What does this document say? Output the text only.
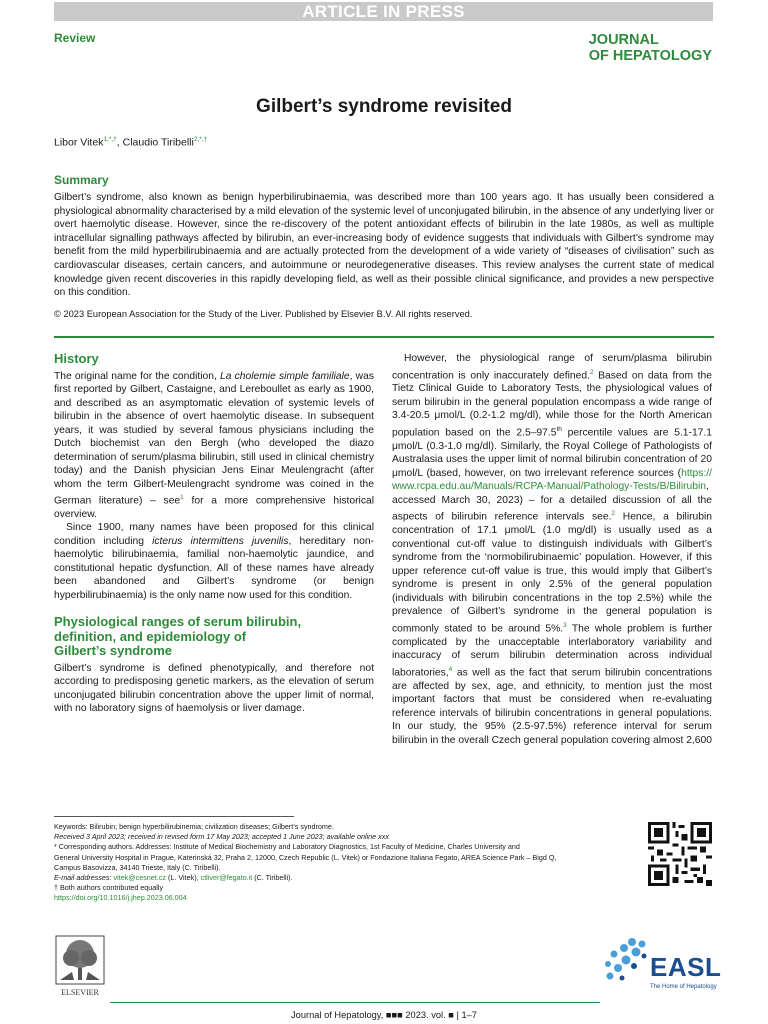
ARTICLE IN PRESS
Review	JOURNAL
OF HEPATOLOGY
Gilbert’s syndrome revisited
Libor Vitek$^{1,*,\dagger}$, Claudio Tiribelli$^{2,*,\dagger}$
Summary

Gilbert’s syndrome, also known as benign hyperbilirubinaemia, was described more than 100 years ago. It has usually been considered a physiological abnormality characterised by a mild elevation of the systemic level of unconjugated bilirubin, in the absence of any underlying liver or overt haemolytic disease. However, since the re-discovery of the potent antioxidant effects of bilirubin in the late 1980s, as well as multiple intracellular signalling pathways affected by bilirubin, an ever-increasing body of evidence suggests that individuals with Gilbert’s syndrome may benefit from the mild hyperbilirubinaemia and are actually protected from the development of a wide variety of “diseases of civilisation” such as cardiovascular diseases, certain cancers, and autoimmune or neurodegenerative diseases. This review analyses the current state of medical knowledge given recent discoveries in this rapidly developing field, as well as their possible clinical significance, and provides a new perspective on this condition.

© 2023 European Association for the Study of the Liver. Published by Elsevier B.V. All rights reserved.
History

The original name for the condition, La cholemie simple familiale, was first reported by Gilbert, Castaigne, and Lereboullet as early as 1900, and described as an asymptomatic elevation of systemic levels of bilirubin in the absence of overt haemolytic disease. In subsequent years, it was studied by several famous physicians including the Dutch biochemist van den Bergh (who developed the diazo determination of serum/plasma bilirubin, still used in clinical chemistry today) and the Danish physician Jens Einar Meulengracht (after whom the term Gilbert-Meulengracht syndrome was coined in the German literature) – see$^1$ for a more comprehensive historical overview.

Since 1900, many names have been proposed for this clinical condition including icterus intermittens juvenilis, hereditary non-haemolytic bilirubinaemia, familial non-haemolytic jaundice, and constitutional hepatic dysfunction. All of these names have already been abandoned and Gilbert’s syndrome (or benign hyperbilirubinaemia) is the only name now used for this condition.

Physiological ranges of serum bilirubin,
definition, and epidemiology of
Gilbert’s syndrome

Gilbert’s syndrome is defined phenotypically, and therefore not according to predisposing genetic markers, as the elevation of serum unconjugated bilirubin concentration above the upper limit of normal, with no laboratory signs of haemolysis or liver damage.

However, the physiological range of serum/plasma bilirubin concentration is only inaccurately defined.$^2$ Based on data from the Tietz Clinical Guide to Laboratory Tests, the physiological values of serum bilirubin in the general population encompass a wide range of 3.4-20.5 μmol/L (0.2-1.2 mg/dl), while those for the North American population based on the 2.5–97.5th percentile values are 5.1-17.1 μmol/L (0.3-1.0 mg/dl). Similarly, the Royal College of Pathologists of Australasia uses the upper limit of normal bilirubin concentration of 20 μmol/L (based, however, on two irrelevant reference sources (https://www.rcpa.edu.au/Manuals/RCPA-Manual/Pathology-Tests/B/Bilirubin, accessed March 30, 2023) – for a detailed discussion of all the aspects of bilirubin reference intervals see.$^2$ Hence, a bilirubin concentration of 17.1 μmol/L (1.0 mg/dl) is usually used as a conventional cut-off value to distinguish individuals with Gilbert’s syndrome from the ‘normobilirubinaemic’ population. However, if this upper reference cut-off value is true, this would imply that Gilbert’s syndrome is present in only 2.5% of the general population (individuals with bilirubin concentrations in the top 2.5%) while the prevalence of Gilbert’s syndrome in the general population is commonly stated to be around 5%.$^3$ The whole problem is further complicated by the unacceptable interlaboratory variability and inaccuracy of serum bilirubin determination across individual laboratories,$^4$ as well as the fact that serum bilirubin concentrations are affected by sex, age, and ethnicity, to mention just the most important factors that must be considered when re-evaluating reference intervals of bilirubin concentrations in general populations. In our study, the 95% (2.5-97.5%) reference interval for serum bilirubin in the overall Czech general population covering almost 2,600

Keywords: Bilirubin; benign hyperbilirubinemia; civilization diseases; Gilbert’s syndrome.
Received 3 April 2023; received in revised form 17 May 2023; accepted 1 June 2023; available online xxx
* Corresponding authors. Addresses: Institute of Medical Biochemistry and Laboratory Diagnostics, 1st Faculty of Medicine, Charles University and
General University Hospital in Prague, Katerinská 32, Praha 2, 12000, Czech Republic (L. Vitek) or Fondazione Italiana Fegato, AREA Science Park – Bigd Q,
Campus Basovizza, 34140 Trieste, Italy (C. Tiribelli).
E-mail addresses: vitek@cesnet.cz (L. Vitek), ctliver@fegato.it (C. Tiribelli).
† Both authors contributed equally
https://doi.org/10.1016/j.jhep.2023.06.004
ELSEVIER
Journal of Hepatology, ■■■ 2023. vol. ■ | 1–7
EASL
The Home of Hepatology
